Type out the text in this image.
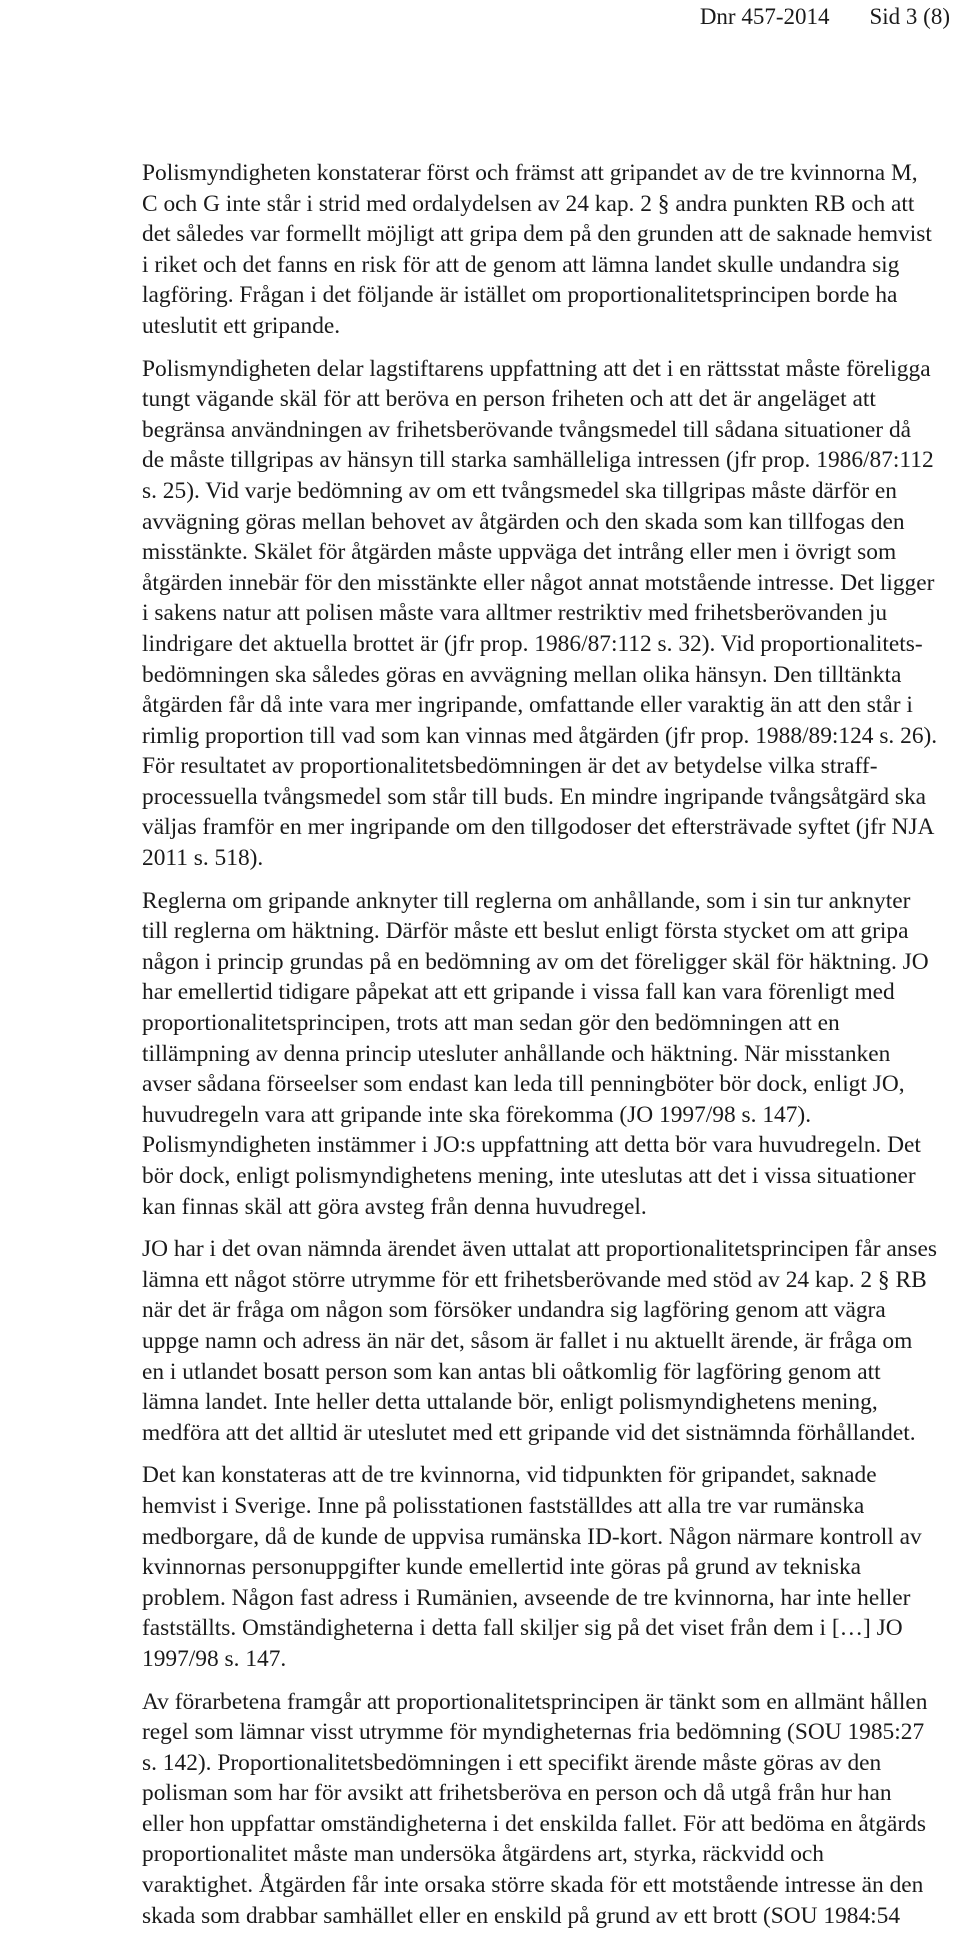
Dnr 457-2014 Sid 3 (8)

Polismyndigheten konstaterar först och främst att gripandet av de tre kvinnorna M,
C och G inte står i strid med ordalydelsen av 24 kap. 2 § andra punkten RB och att
det således var formellt möjligt att gripa dem på den grunden att de saknade hemvist
i riket och det fanns en risk för att de genom att lämna landet skulle undandra sig
lagföring. Frågan i det följande är istället om proportionalitetsprincipen borde ha
uteslutit ett gripande.

Polismyndigheten delar lagstiftarens uppfattning att det i en rättsstat måste föreligga
tungt vägande skäl för att beröva en person friheten och att det är angeläget att
begränsa användningen av frihetsberövande tvångsmedel till sådana situationer då
de måste tillgripas av hänsyn till starka samhälleliga intressen (jfr prop. 1986/87:112
s. 25). Vid varje bedömning av om ett tvångsmedel ska tillgripas måste därför en
avvägning göras mellan behovet av åtgärden och den skada som kan tillfogas den
misstänkte. Skälet för åtgärden måste uppväga det intrång eller men i övrigt som
åtgärden innebär för den misstänkte eller något annat motstående intresse. Det ligger
i sakens natur att polisen måste vara alltmer restriktiv med frihetsberövanden ju
lindrigare det aktuella brottet är (jfr prop. 1986/87:112 s. 32). Vid proportionalitets-
bedömningen ska således göras en avvägning mellan olika hänsyn. Den tilltänkta
åtgärden får då inte vara mer ingripande, omfattande eller varaktig än att den står i
rimlig proportion till vad som kan vinnas med åtgärden (jfr prop. 1988/89:124 s. 26).
För resultatet av proportionalitetsbedömningen är det av betydelse vilka straff-
processuella tvångsmedel som står till buds. En mindre ingripande tvångsåtgärd ska
väljas framför en mer ingripande om den tillgodoser det eftersträvade syftet (jfr NJA
2011 s. 518).

Reglerna om gripande anknyter till reglerna om anhållande, som i sin tur anknyter
till reglerna om häktning. Därför måste ett beslut enligt första stycket om att gripa
någon i princip grundas på en bedömning av om det föreligger skäl för häktning. JO
har emellertid tidigare påpekat att ett gripande i vissa fall kan vara förenligt med
proportionalitetsprincipen, trots att man sedan gör den bedömningen att en
tillämpning av denna princip utesluter anhållande och häktning. När misstanken
avser sådana förseelser som endast kan leda till penningböter bör dock, enligt JO,
huvudregeln vara att gripande inte ska förekomma (JO 1997/98 s. 147).
Polismyndigheten instämmer i JO:s uppfattning att detta bör vara huvudregeln. Det
bör dock, enligt polismyndighetens mening, inte uteslutas att det i vissa situationer
kan finnas skäl att göra avsteg från denna huvudregel.

JO har i det ovan nämnda ärendet även uttalat att proportionalitetsprincipen får anses
lämna ett något större utrymme för ett frihetsberövande med stöd av 24 kap. 2 § RB
när det är fråga om någon som försöker undandra sig lagföring genom att vägra
uppge namn och adress än när det, såsom är fallet i nu aktuellt ärende, är fråga om
en i utlandet bosatt person som kan antas bli oåtkomlig för lagföring genom att
lämna landet. Inte heller detta uttalande bör, enligt polismyndighetens mening,
medföra att det alltid är uteslutet med ett gripande vid det sistnämnda förhållandet.

Det kan konstateras att de tre kvinnorna, vid tidpunkten för gripandet, saknade
hemvist i Sverige. Inne på polisstationen fastställdes att alla tre var rumänska
medborgare, då de kunde de uppvisa rumänska ID-kort. Någon närmare kontroll av
kvinnornas personuppgifter kunde emellertid inte göras på grund av tekniska
problem. Någon fast adress i Rumänien, avseende de tre kvinnorna, har inte heller
fastställts. Omständigheterna i detta fall skiljer sig på det viset från dem i […] JO
1997/98 s. 147.

Av förarbetena framgår att proportionalitetsprincipen är tänkt som en allmänt hållen
regel som lämnar visst utrymme för myndigheternas fria bedömning (SOU 1985:27
s. 142). Proportionalitetsbedömningen i ett specifikt ärende måste göras av den
polisman som har för avsikt att frihetsberöva en person och då utgå från hur han
eller hon uppfattar omständigheterna i det enskilda fallet. För att bedöma en åtgärds
proportionalitet måste man undersöka åtgärdens art, styrka, räckvidd och
varaktighet. Åtgärden får inte orsaka större skada för ett motstående intresse än den
skada som drabbar samhället eller en enskild på grund av ett brott (SOU 1984:54
